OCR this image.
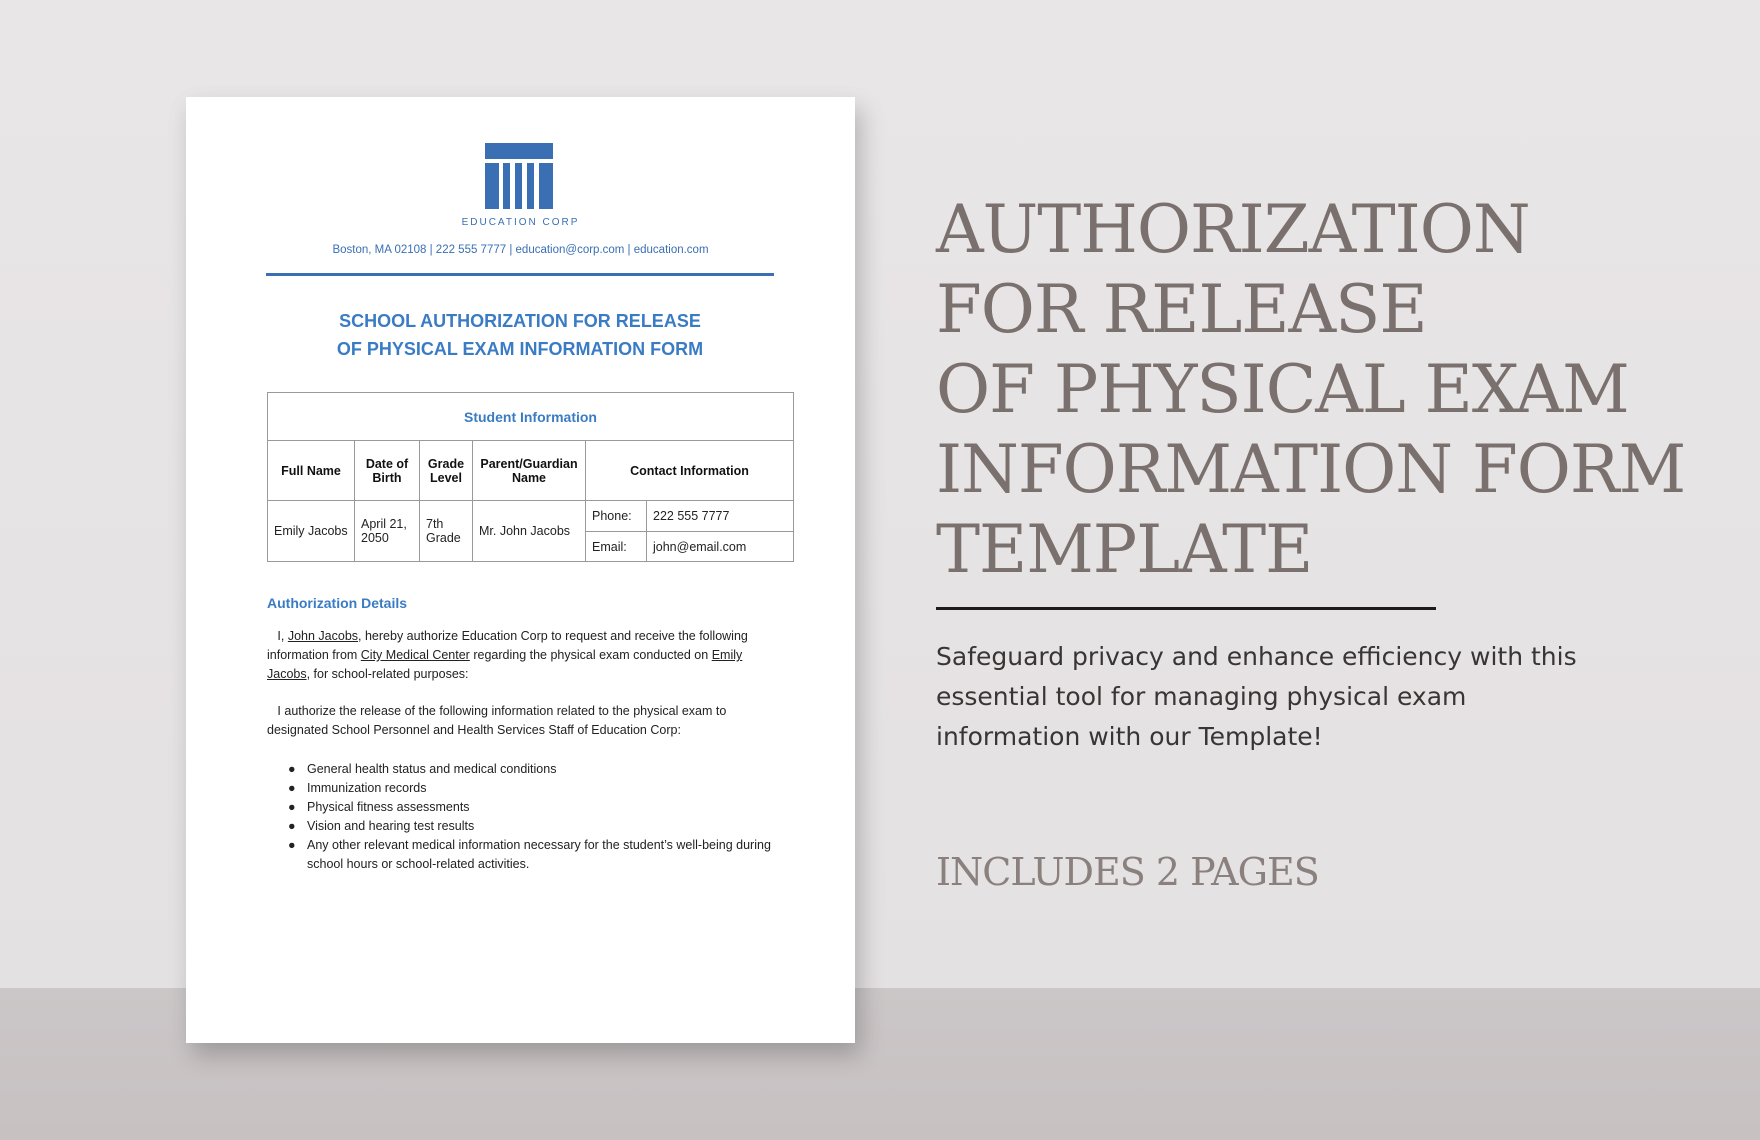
EDUCATION CORP
Boston, MA 02108 | 222 555 7777 | education@corp.com | education.com
SCHOOL AUTHORIZATION FOR RELEASE
OF PHYSICAL EXAM INFORMATION FORM
Student Information					
Full Name	Date of Birth	Grade Level	Parent/Guardian Name	Contact Information	
Emily Jacobs	April 21, 2050	7th Grade	Mr. John Jacobs	Phone:	222 555 7777
				Email:	john@email.com
Authorization Details
I, John Jacobs, hereby authorize Education Corp to request and receive the following information from City Medical Center regarding the physical exam conducted on Emily Jacobs, for school-related purposes:
I authorize the release of the following information related to the physical exam to designated School Personnel and Health Services Staff of Education Corp:
● General health status and medical conditions
● Immunization records
● Physical fitness assessments
● Vision and hearing test results
● Any other relevant medical information necessary for the student’s well-being during school hours or school-related activities.
AUTHORIZATION
FOR RELEASE
OF PHYSICAL EXAM
INFORMATION FORM
TEMPLATE
Safeguard privacy and enhance efficiency with this essential tool for managing physical exam information with our Template!
INCLUDES 2 PAGES
